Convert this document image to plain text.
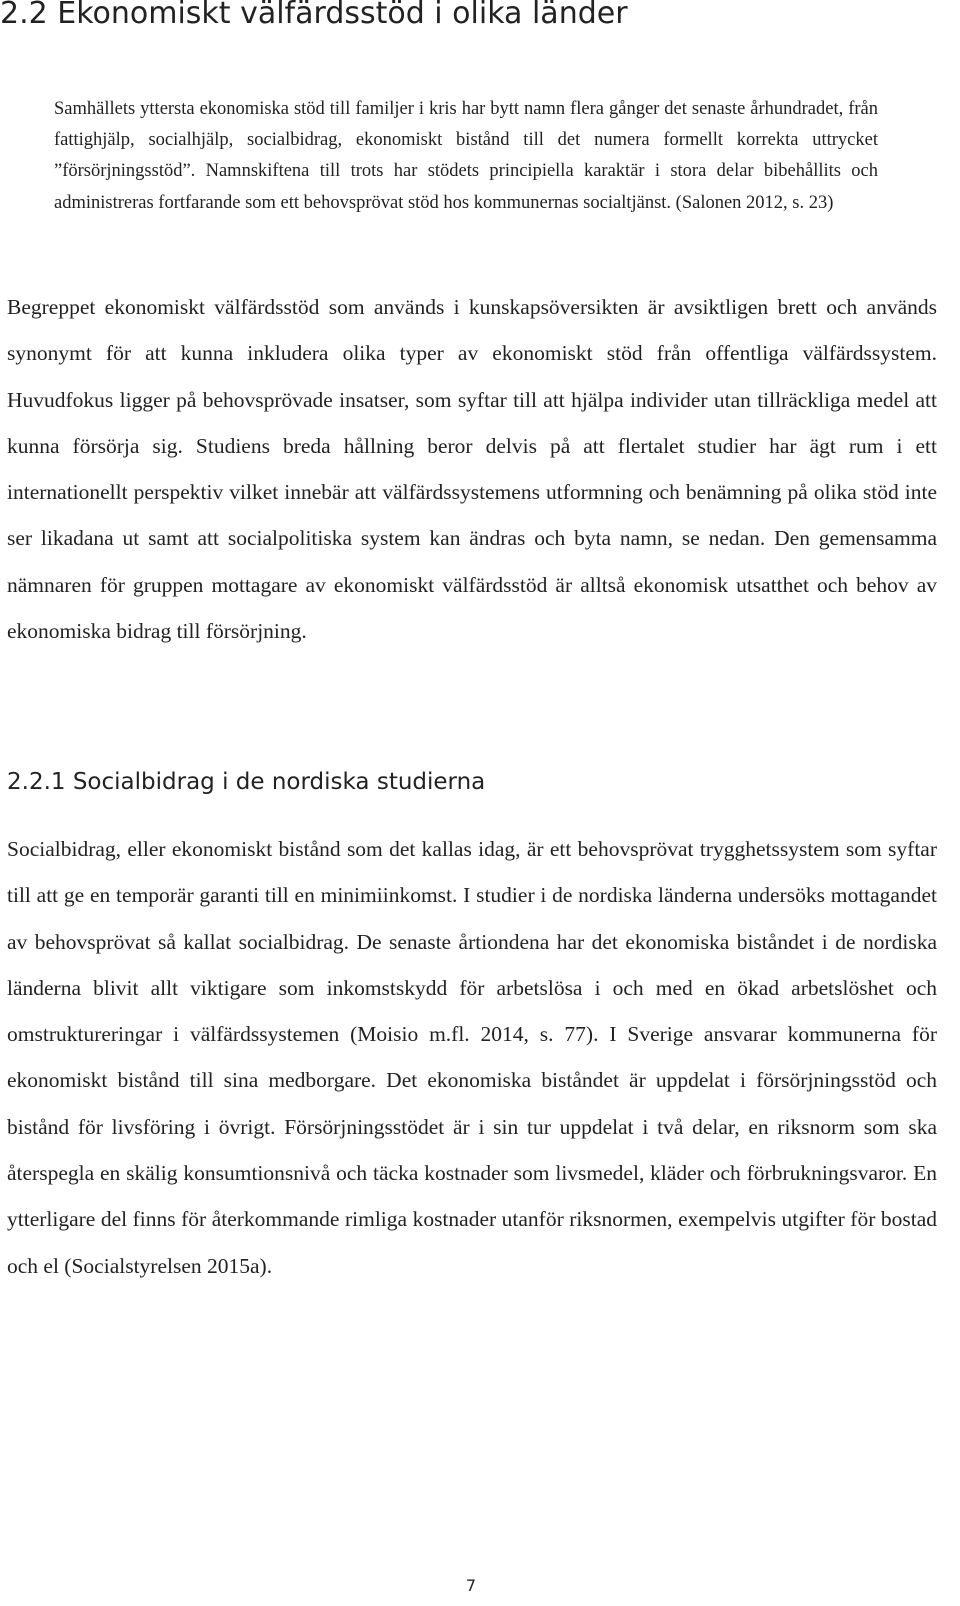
2.2 Ekonomiskt välfärdsstöd i olika länder

Samhällets yttersta ekonomiska stöd till familjer i kris har bytt namn flera gånger det senaste århundradet, från fattighjälp, socialhjälp, socialbidrag, ekonomiskt bistånd till det numera formellt korrekta uttrycket ”försörjningsstöd”. Namnskiftena till trots har stödets principiella karaktär i stora delar bibehållits och administreras fortfarande som ett behovsprövat stöd hos kommunernas socialtjänst. (Salonen 2012, s. 23)

Begreppet ekonomiskt välfärdsstöd som används i kunskapsöversikten är avsiktligen brett och används synonymt för att kunna inkludera olika typer av ekonomiskt stöd från offentliga välfärdssystem. Huvudfokus ligger på behovsprövade insatser, som syftar till att hjälpa individer utan tillräckliga medel att kunna försörja sig. Studiens breda hållning beror delvis på att flertalet studier har ägt rum i ett internationellt perspektiv vilket innebär att välfärdssystemens utformning och benämning på olika stöd inte ser likadana ut samt att socialpolitiska system kan ändras och byta namn, se nedan. Den gemensamma nämnaren för gruppen mottagare av ekonomiskt välfärdsstöd är alltså ekonomisk utsatthet och behov av ekonomiska bidrag till försörjning.

2.2.1 Socialbidrag i de nordiska studierna

Socialbidrag, eller ekonomiskt bistånd som det kallas idag, är ett behovsprövat trygghetssystem som syftar till att ge en temporär garanti till en minimiinkomst. I studier i de nordiska länderna undersöks mottagandet av behovsprövat så kallat socialbidrag. De senaste årtiondena har det ekonomiska biståndet i de nordiska länderna blivit allt viktigare som inkomstskydd för arbetslösa i och med en ökad arbetslöshet och omstruktureringar i välfärdssystemen (Moisio m.fl. 2014, s. 77). I Sverige ansvarar kommunerna för ekonomiskt bistånd till sina medborgare. Det ekonomiska biståndet är uppdelat i försörjningsstöd och bistånd för livsföring i övrigt. Försörjningsstödet är i sin tur uppdelat i två delar, en riksnorm som ska återspegla en skälig konsumtionsnivå och täcka kostnader som livsmedel, kläder och förbrukningsvaror. En ytterligare del finns för återkommande rimliga kostnader utanför riksnormen, exempelvis utgifter för bostad och el (Socialstyrelsen 2015a).

7
